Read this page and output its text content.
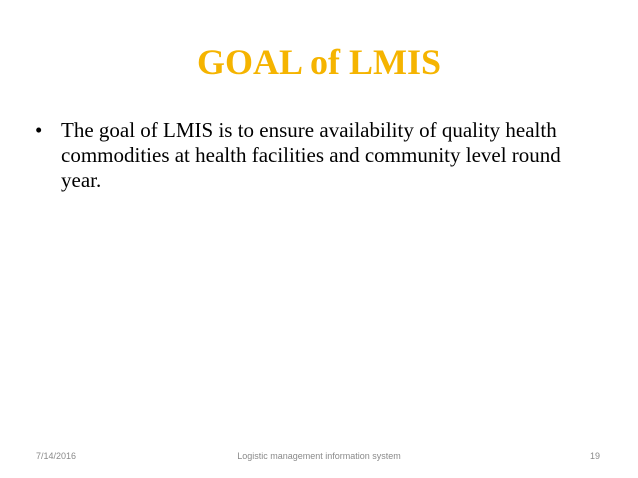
GOAL of LMIS
• The goal of LMIS is to ensure availability of quality health commodities at health facilities and community level round year.
7/14/2016	Logistic management information system	19
